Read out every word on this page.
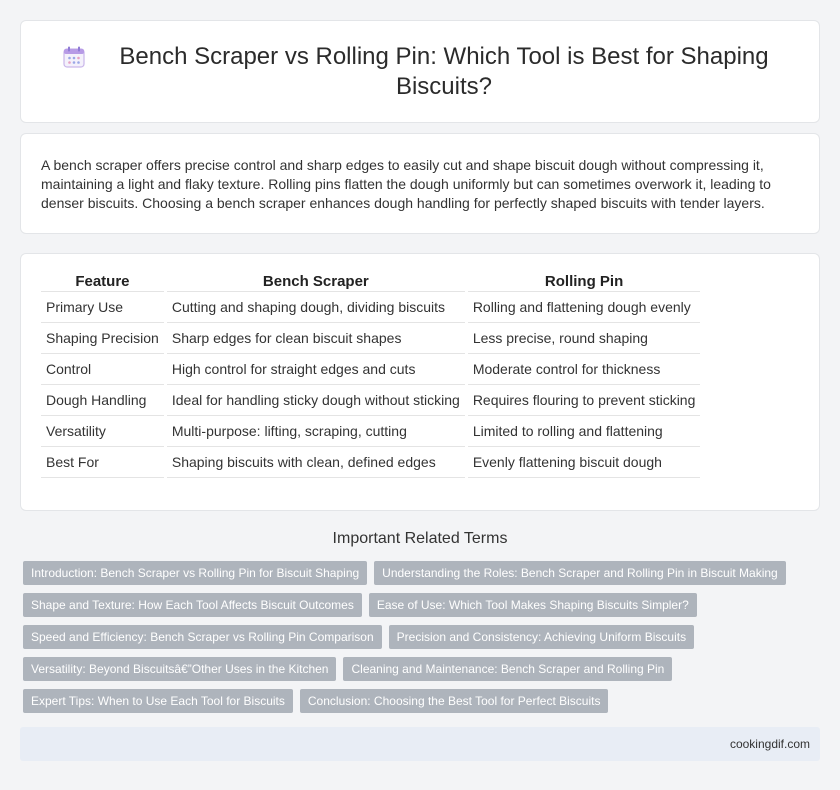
Bench Scraper vs Rolling Pin: Which Tool is Best for Shaping Biscuits?

A bench scraper offers precise control and sharp edges to easily cut and shape biscuit dough without compressing it, maintaining a light and flaky texture. Rolling pins flatten the dough uniformly but can sometimes overwork it, leading to denser biscuits. Choosing a bench scraper enhances dough handling for perfectly shaped biscuits with tender layers.

Feature	Bench Scraper	Rolling Pin
Primary Use	Cutting and shaping dough, dividing biscuits	Rolling and flattening dough evenly
Shaping Precision	Sharp edges for clean biscuit shapes	Less precise, round shaping
Control	High control for straight edges and cuts	Moderate control for thickness
Dough Handling	Ideal for handling sticky dough without sticking	Requires flouring to prevent sticking
Versatility	Multi-purpose: lifting, scraping, cutting	Limited to rolling and flattening
Best For	Shaping biscuits with clean, defined edges	Evenly flattening biscuit dough
Important Related Terms
Introduction: Bench Scraper vs Rolling Pin for Biscuit Shaping	Understanding the Roles: Bench Scraper and Rolling Pin in Biscuit Making
Shape and Texture: How Each Tool Affects Biscuit Outcomes	Ease of Use: Which Tool Makes Shaping Biscuits Simpler?
Speed and Efficiency: Bench Scraper vs Rolling Pin Comparison	Precision and Consistency: Achieving Uniform Biscuits
Versatility: Beyond Biscuitsâ€”Other Uses in the Kitchen	Cleaning and Maintenance: Bench Scraper and Rolling Pin
Expert Tips: When to Use Each Tool for Biscuits	Conclusion: Choosing the Best Tool for Perfect Biscuits
cookingdif.com
